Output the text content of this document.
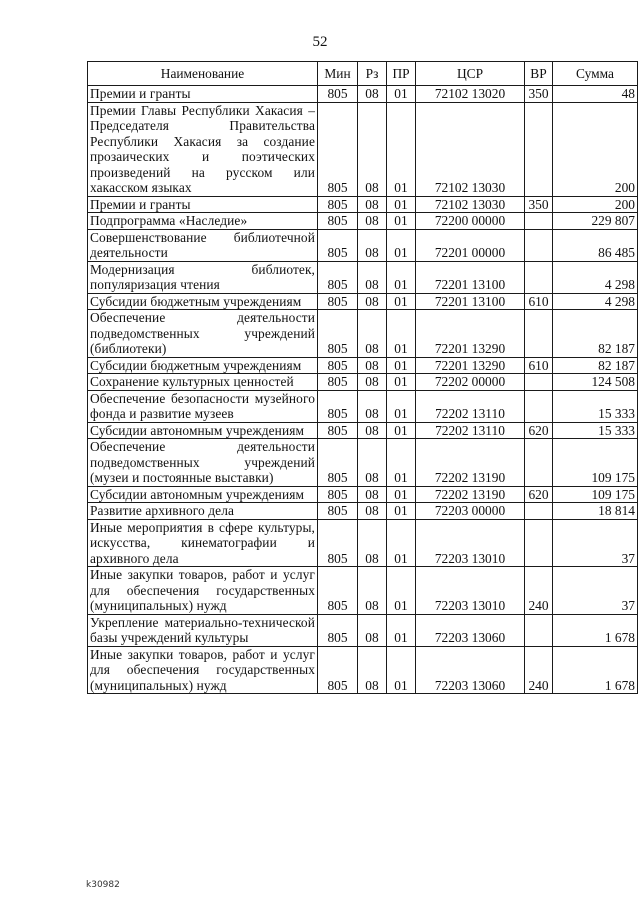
52
Наименование	Мин	Рз	ПР	ЦСР	ВР	Сумма
Премии и гранты	805	08	01	72102 13020	350	48
Премии Главы Республики Хакасия – Председателя Правительства Республики Хакасия за создание прозаических и поэтических произведений на русском или хакасском языках	805	08	01	72102 13030		200
Премии и гранты	805	08	01	72102 13030	350	200
Подпрограмма «Наследие»	805	08	01	72200 00000		229 807
Совершенствование библиотечной деятельности	805	08	01	72201 00000		86 485
Модернизация библиотек, популяризация чтения	805	08	01	72201 13100		4 298
Субсидии бюджетным учреждениям	805	08	01	72201 13100	610	4 298
Обеспечение деятельности подведомственных учреждений (библиотеки)	805	08	01	72201 13290		82 187
Субсидии бюджетным учреждениям	805	08	01	72201 13290	610	82 187
Сохранение культурных ценностей	805	08	01	72202 00000		124 508
Обеспечение безопасности музейного фонда и развитие музеев	805	08	01	72202 13110		15 333
Субсидии автономным учреждениям	805	08	01	72202 13110	620	15 333
Обеспечение деятельности подведомственных учреждений (музеи и постоянные выставки)	805	08	01	72202 13190		109 175
Субсидии автономным учреждениям	805	08	01	72202 13190	620	109 175
Развитие архивного дела	805	08	01	72203 00000		18 814
Иные мероприятия в сфере культуры, искусства, кинематографии и архивного дела	805	08	01	72203 13010		37
Иные закупки товаров, работ и услуг для обеспечения государственных (муниципальных) нужд	805	08	01	72203 13010	240	37
Укрепление материально-технической базы учреждений культуры	805	08	01	72203 13060		1 678
Иные закупки товаров, работ и услуг для обеспечения государственных (муниципальных) нужд	805	08	01	72203 13060	240	1 678
k30982
